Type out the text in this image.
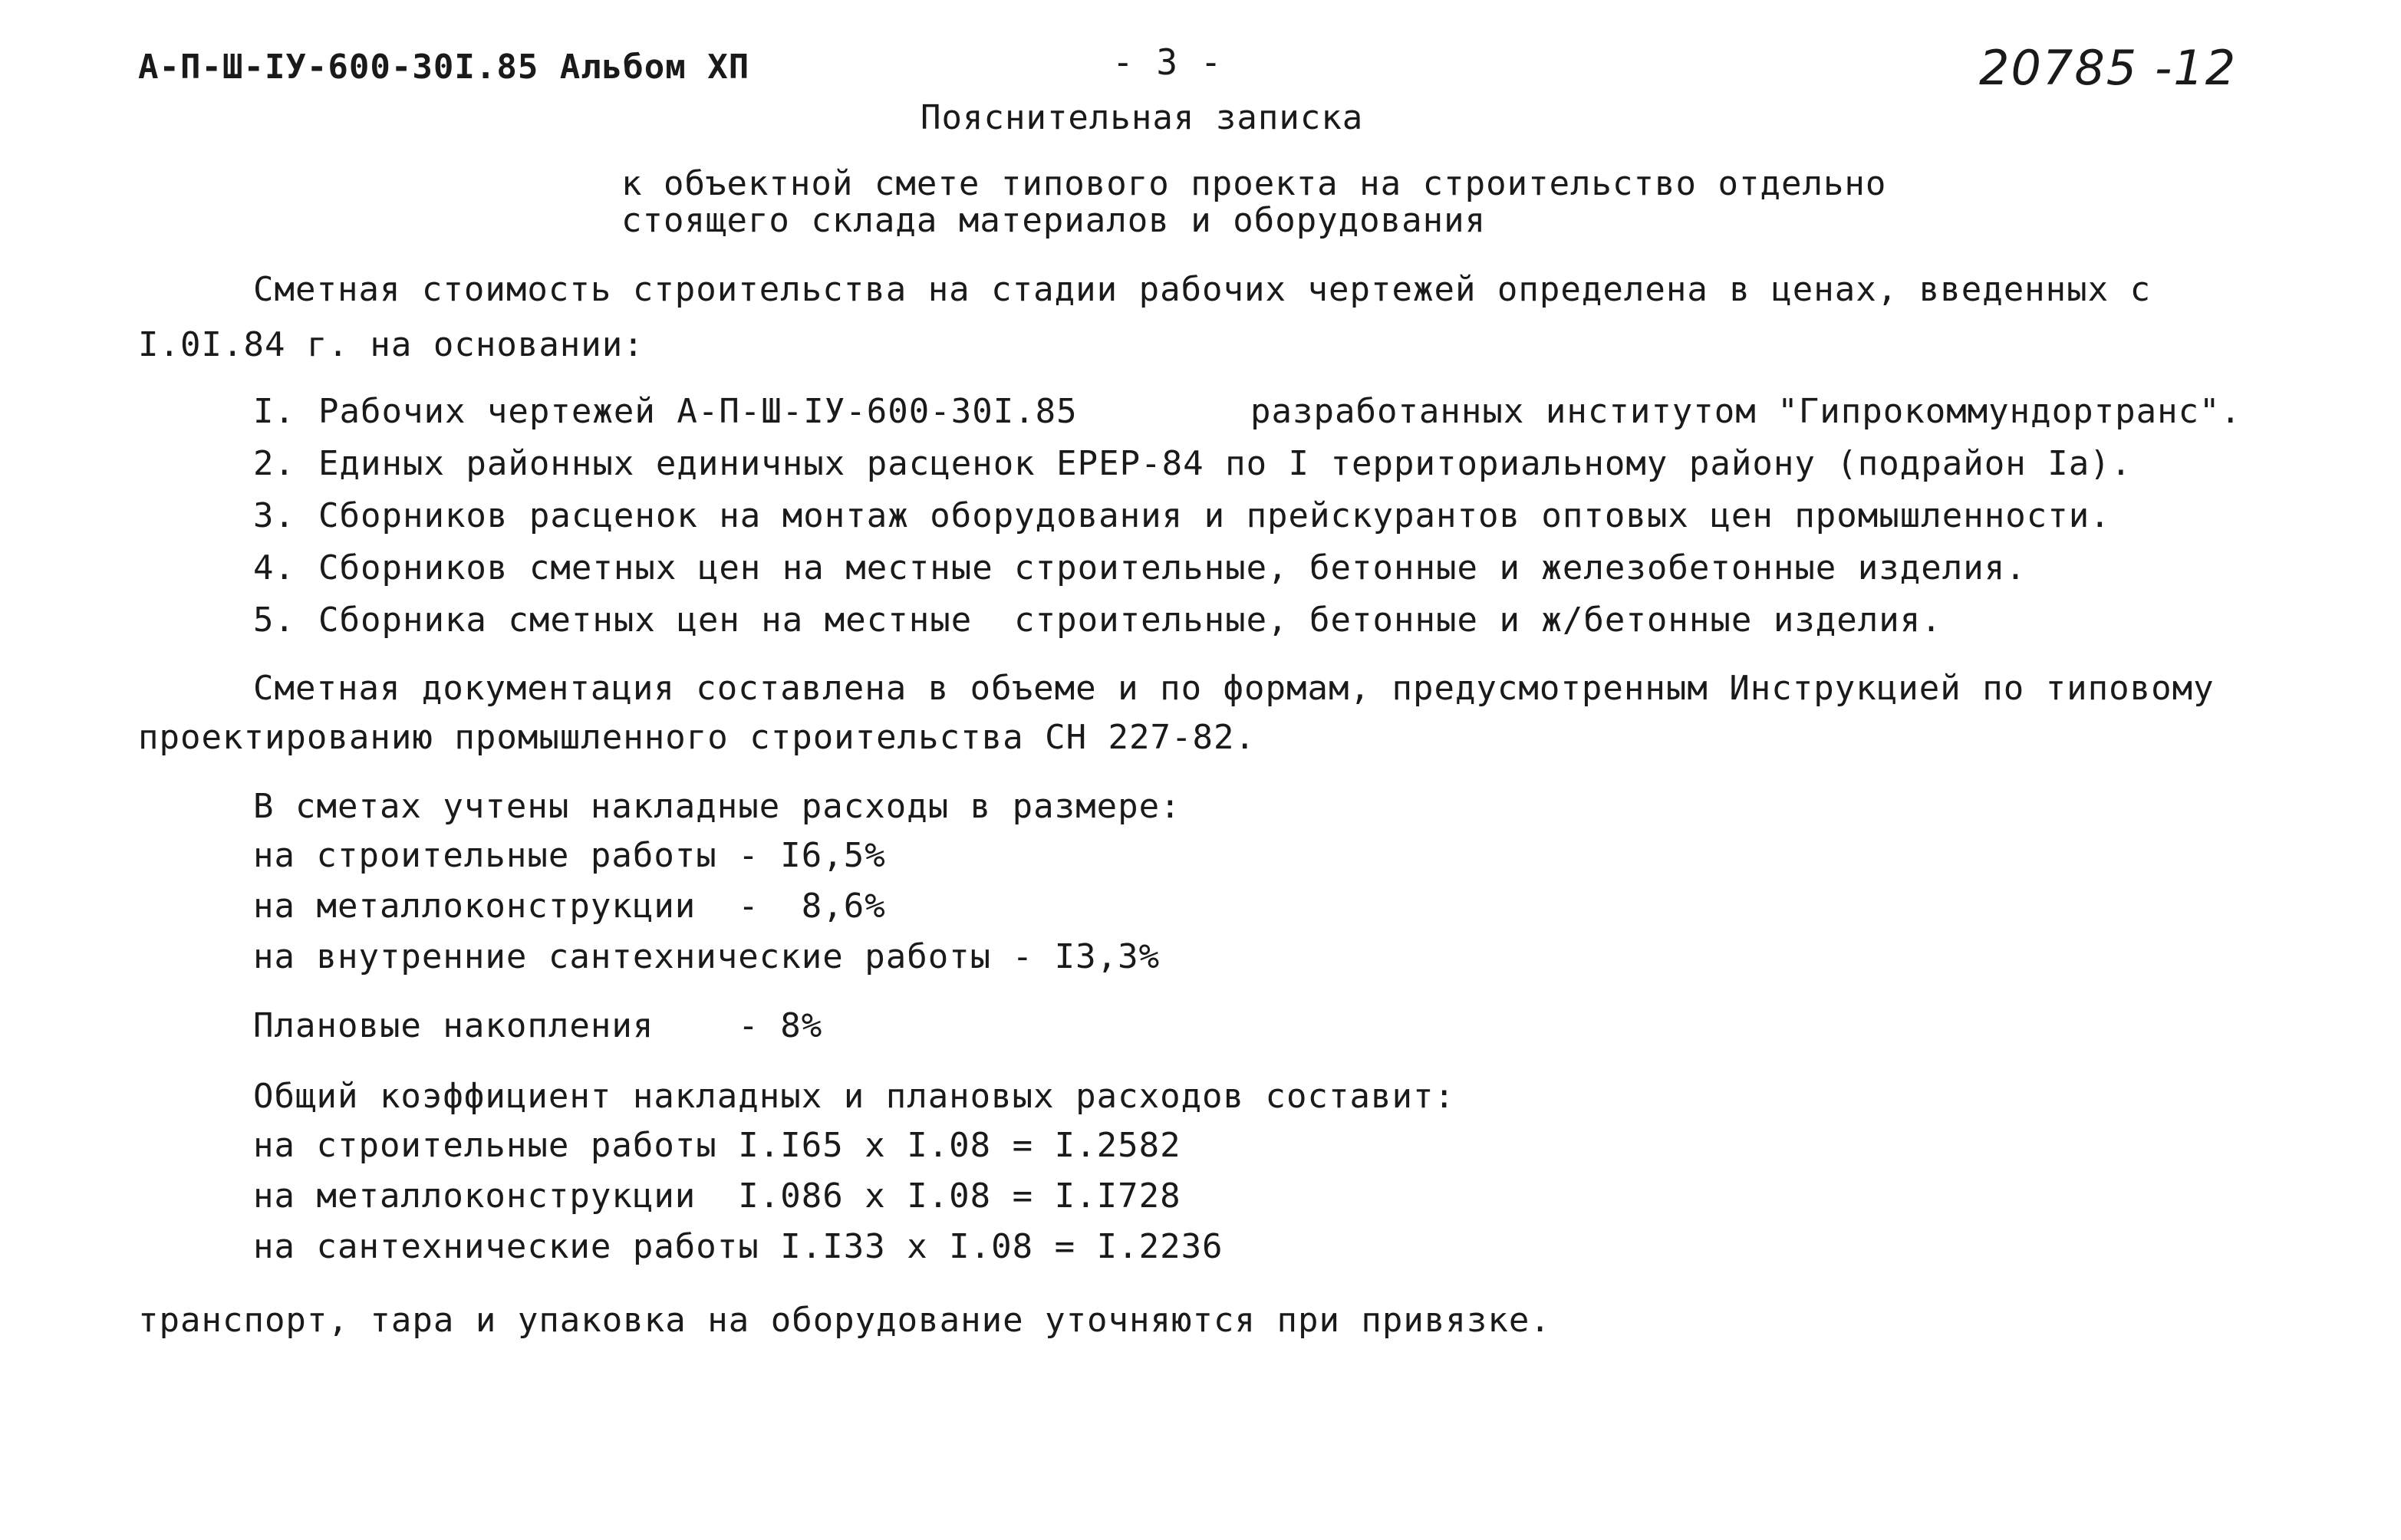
А-П-Ш-IУ-600-30I.85 Альбом XП	- 3 -	20785 -12
Пояснительная записка
к объектной смете типового проекта на строительство отдельно
стоящего склада материалов и оборудования
Сметная стоимость строительства на стадии рабочих чертежей определена в ценах, введенных с
I.0I.84 г. на основании:
I. Рабочих чертежей А-П-Ш-IУ-600-30I.85	разработанных институтом "Гипрокоммундортранс".
2. Единых районных единичных расценок ЕРЕР-84 по I территориальному району (подрайон Iа).
3. Сборников расценок на монтаж оборудования и прейскурантов оптовых цен промышленности.
4. Сборников сметных цен на местные строительные, бетонные и железобетонные изделия.
5. Сборника сметных цен на местные  строительные, бетонные и ж/бетонные изделия.
Сметная документация составлена в объеме и по формам, предусмотренным Инструкцией по типовому
проектированию промышленного строительства СН 227-82.
В сметах учтены накладные расходы в размере:
на строительные работы - I6,5%
на металлоконструкции  -  8,6%
на внутренние сантехнические работы - I3,3%
Плановые накопления    - 8%
Общий коэффициент накладных и плановых расходов составит:
на строительные работы I.I65 x I.08 = I.2582
на металлоконструкции  I.086 x I.08 = I.I728
на сантехнические работы I.I33 x I.08 = I.2236
транспорт, тара и упаковка на оборудование уточняются при привязке.
